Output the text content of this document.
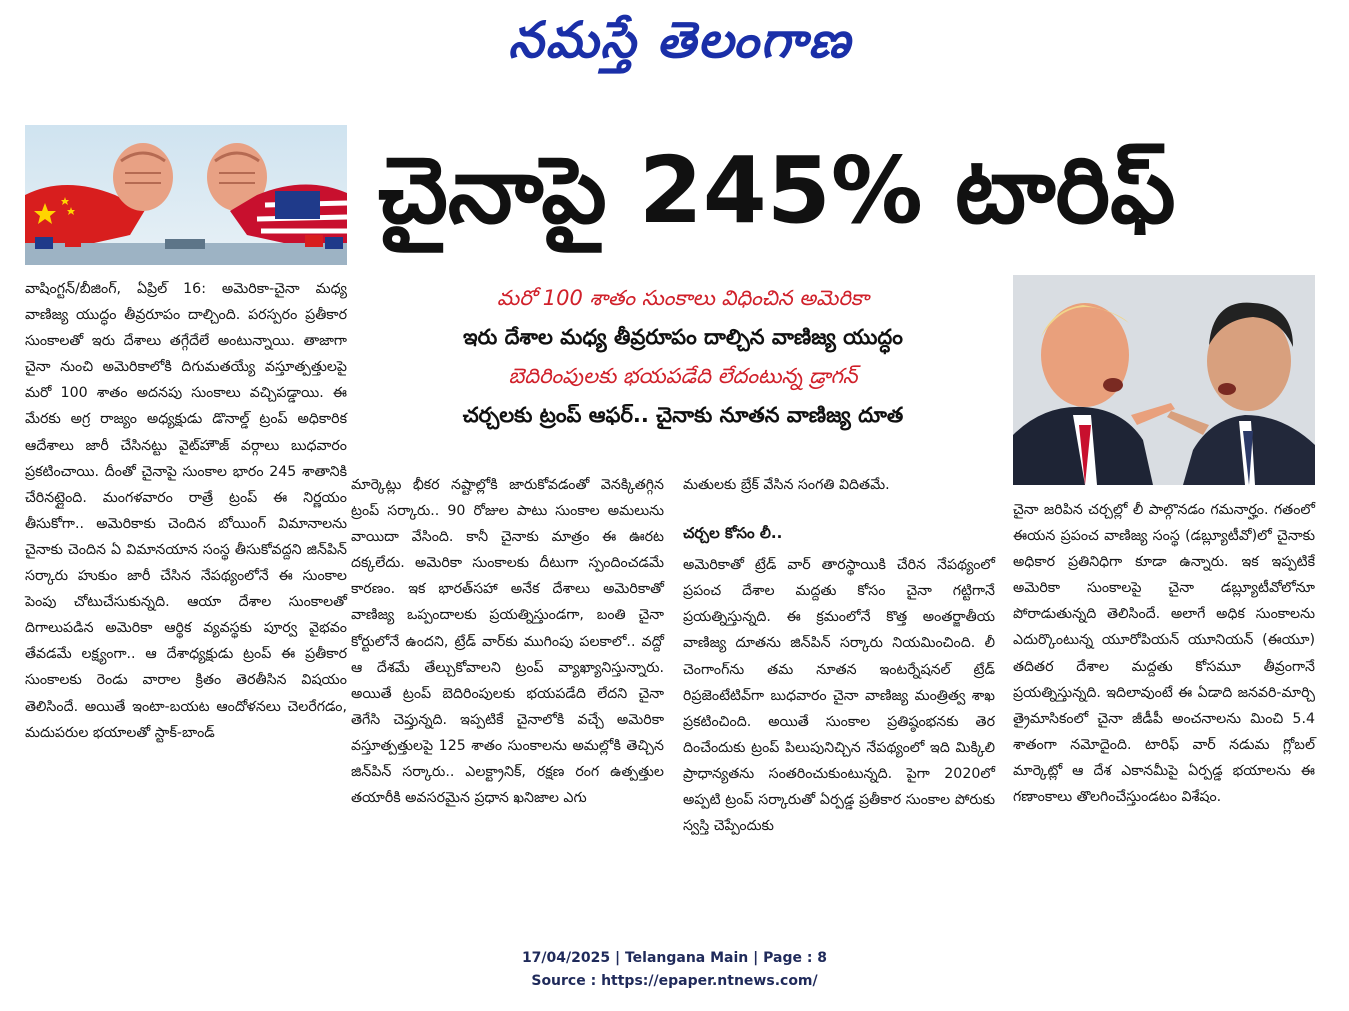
నమస్తే తెలంగాణ
చైనాపై 245% టారిఫ్
మరో 100 శాతం సుంకాలు విధించిన అమెరికా
ఇరు దేశాల మధ్య తీవ్రరూపం దాల్చిన వాణిజ్య యుద్ధం
బెదిరింపులకు భయపడేది లేదంటున్న డ్రాగన్
చర్చలకు ట్రంప్ ఆఫర్.. చైనాకు నూతన వాణిజ్య దూత

వాషింగ్టన్/బీజింగ్, ఏప్రిల్ 16: అమెరికా-చైనా మధ్య వాణిజ్య యుద్ధం తీవ్రరూపం దాల్చింది. పరస్పరం ప్రతీకార సుంకాలతో ఇరు దేశాలు తగ్గేదేలే అంటున్నాయి. తాజాగా చైనా నుంచి అమెరికాలోకి దిగుమతయ్యే వస్తూత్పత్తులపై మరో 100 శాతం అదనపు సుంకాలు వచ్చిపడ్డాయి. ఈ మేరకు అగ్ర రాజ్యం అధ్యక్షుడు డొనాల్డ్ ట్రంప్ అధికారిక ఆదేశాలు జారీ చేసినట్టు వైట్‌హౌజ్ వర్గాలు బుధవారం ప్రకటించాయి. దీంతో చైనాపై సుంకాల భారం 245 శాతానికి చేరినట్లైంది. మంగళవారం రాత్రే ట్రంప్ ఈ నిర్ణయం తీసుకోగా.. అమెరికాకు చెందిన బోయింగ్ విమానాలను చైనాకు చెందిన ఏ విమానయాన సంస్థ తీసుకోవద్దని జిన్‌పిన్ సర్కారు హుకుం జారీ చేసిన నేపథ్యంలోనే ఈ సుంకాల పెంపు చోటుచేసుకున్నది. ఆయా దేశాల సుంకాలతో దిగాలుపడిన అమెరికా ఆర్థిక వ్యవస్థకు పూర్వ వైభవం తేవడమే లక్ష్యంగా.. ఆ దేశాధ్యక్షుడు ట్రంప్ ఈ ప్రతీకార సుంకాలకు రెండు వారాల క్రితం తెరతీసిన విషయం తెలిసిందే. అయితే ఇంటా-బయట ఆందోళనలు చెలరేగడం, మదుపరుల భయాలతో స్టాక్-బాండ్

మార్కెట్లు భీకర నష్టాల్లోకి జారుకోవడంతో వెనక్కితగ్గిన ట్రంప్ సర్కారు.. 90 రోజుల పాటు సుంకాల అమలును వాయిదా వేసింది. కానీ చైనాకు మాత్రం ఈ ఊరట దక్కలేదు. అమెరికా సుంకాలకు దీటుగా స్పందించడమే కారణం. ఇక భారత్‌సహా అనేక దేశాలు అమెరికాతో వాణిజ్య ఒప్పందాలకు ప్రయత్నిస్తుండగా, బంతి చైనా కోర్టులోనే ఉందని, ట్రేడ్ వార్‌కు ముగింపు పలకాలో.. వద్దో ఆ దేశమే తేల్చుకోవాలని ట్రంప్ వ్యాఖ్యానిస్తున్నారు. అయితే ట్రంప్ బెదిరింపులకు భయపడేది లేదని చైనా తెగేసి చెప్తున్నది. ఇప్పటికే చైనాలోకి వచ్చే అమెరికా వస్తూత్పత్తులపై 125 శాతం సుంకాలను అమల్లోకి తెచ్చిన జిన్‌పిన్ సర్కారు.. ఎలక్ట్రానిక్, రక్షణ రంగ ఉత్పత్తుల తయారీకి అవసరమైన ప్రధాన ఖనిజాల ఎగు

మతులకు బ్రేక్ వేసిన సంగతి విదితమే.

చర్చల కోసం లీ..

అమెరికాతో ట్రేడ్ వార్ తారస్థాయికి చేరిన నేపథ్యంలో ప్రపంచ దేశాల మద్దతు కోసం చైనా గట్టిగానే ప్రయత్నిస్తున్నది. ఈ క్రమంలోనే కొత్త అంతర్జాతీయ వాణిజ్య దూతను జిన్‌పిన్ సర్కారు నియమించింది. లీ చెంగాంగ్‌ను తమ నూతన ఇంటర్నేషనల్ ట్రేడ్ రిప్రజెంటేటివ్‌గా బుధవారం చైనా వాణిజ్య మంత్రిత్వ శాఖ ప్రకటించింది. అయితే సుంకాల ప్రతిష్ఠంభనకు తెర దించేందుకు ట్రంప్ పిలుపునిచ్చిన నేపథ్యంలో ఇది మిక్కిలి ప్రాధాన్యతను సంతరించుకుంటున్నది. పైగా 2020లో అప్పటి ట్రంప్ సర్కారుతో ఏర్పడ్డ ప్రతీకార సుంకాల పోరుకు స్వస్తి చెప్పేందుకు

చైనా జరిపిన చర్చల్లో లీ పాల్గొనడం గమనార్హం. గతంలో ఈయన ప్రపంచ వాణిజ్య సంస్థ (డబ్ల్యూటీవో)లో చైనాకు అధికార ప్రతినిధిగా కూడా ఉన్నారు. ఇక ఇప్పటికే అమెరికా సుంకాలపై చైనా డబ్ల్యూటీవోలోనూ పోరాడుతున్నది తెలిసిందే. అలాగే అధిక సుంకాలను ఎదుర్కొంటున్న యూరోపియన్ యూనియన్ (ఈయూ) తదితర దేశాల మద్దతు కోసమూ తీవ్రంగానే ప్రయత్నిస్తున్నది. ఇదిలావుంటే ఈ ఏడాది జనవరి-మార్చి త్రైమాసికంలో చైనా జీడీపీ అంచనాలను మించి 5.4 శాతంగా నమోదైంది. టారిఫ్ వార్ నడుమ గ్లోబల్ మార్కెట్లో ఆ దేశ ఎకానమీపై ఏర్పడ్డ భయాలను ఈ గణాంకాలు తొలగించేస్తుండటం విశేషం.

17/04/2025 | Telangana Main | Page : 8
Source : https://epaper.ntnews.com/
